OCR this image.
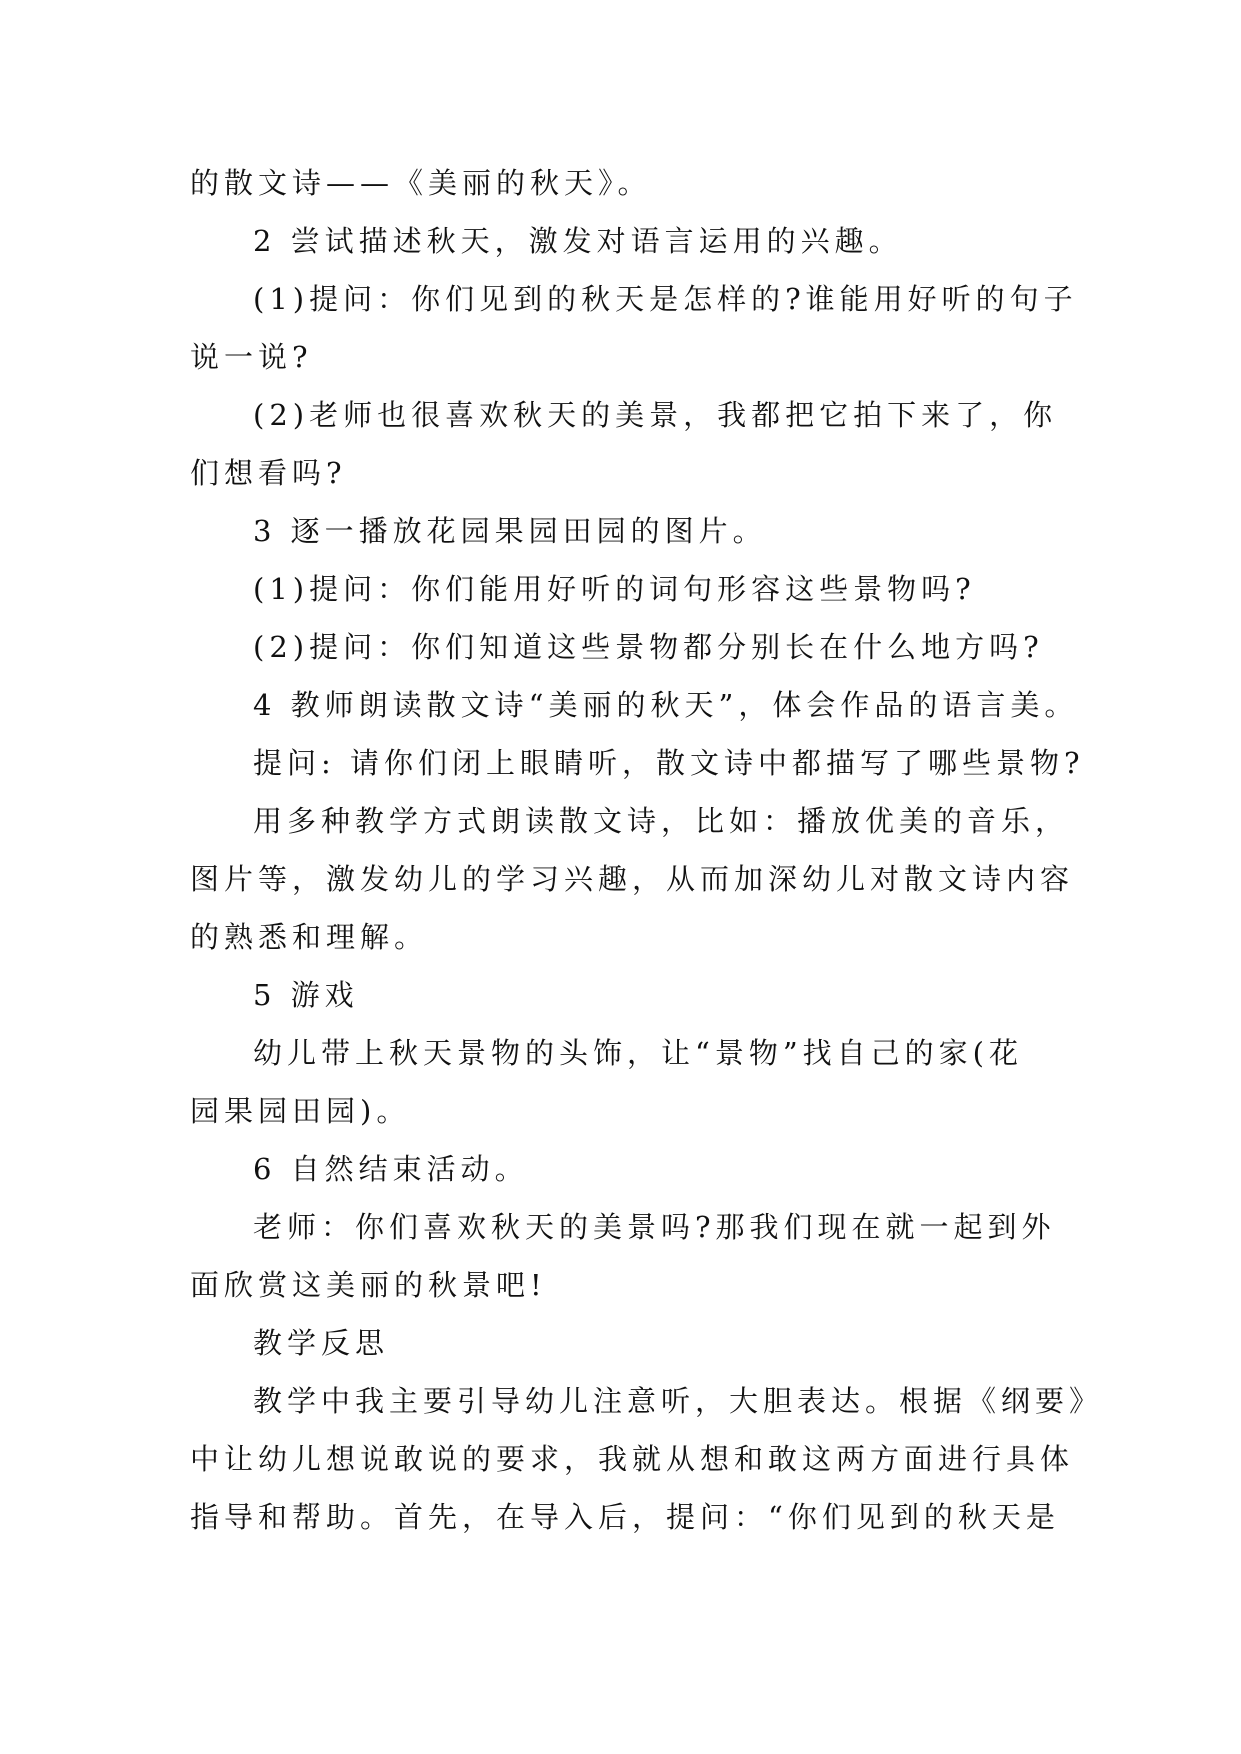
的散文诗——《美丽的秋天》。

2 尝试描述秋天，激发对语言运用的兴趣。

(1)提问：你们见到的秋天是怎样的?谁能用好听的句子

说一说?

(2)老师也很喜欢秋天的美景，我都把它拍下来了，你

们想看吗?

3 逐一播放花园果园田园的图片。

(1)提问：你们能用好听的词句形容这些景物吗?

(2)提问：你们知道这些景物都分别长在什么地方吗?

4 教师朗读散文诗“美丽的秋天”，体会作品的语言美。

提问: 请你们闭上眼睛听，散文诗中都描写了哪些景物?

用多种教学方式朗读散文诗，比如：播放优美的音乐，

图片等，激发幼儿的学习兴趣，从而加深幼儿对散文诗内容

的熟悉和理解。

5 游戏

幼儿带上秋天景物的头饰，让“景物”找自己的家(花

园果园田园)。

6 自然结束活动。

老师：你们喜欢秋天的美景吗?那我们现在就一起到外

面欣赏这美丽的秋景吧!

教学反思

教学中我主要引导幼儿注意听，大胆表达。根据《纲要》

中让幼儿想说敢说的要求，我就从想和敢这两方面进行具体

指导和帮助。首先，在导入后，提问：“你们见到的秋天是
